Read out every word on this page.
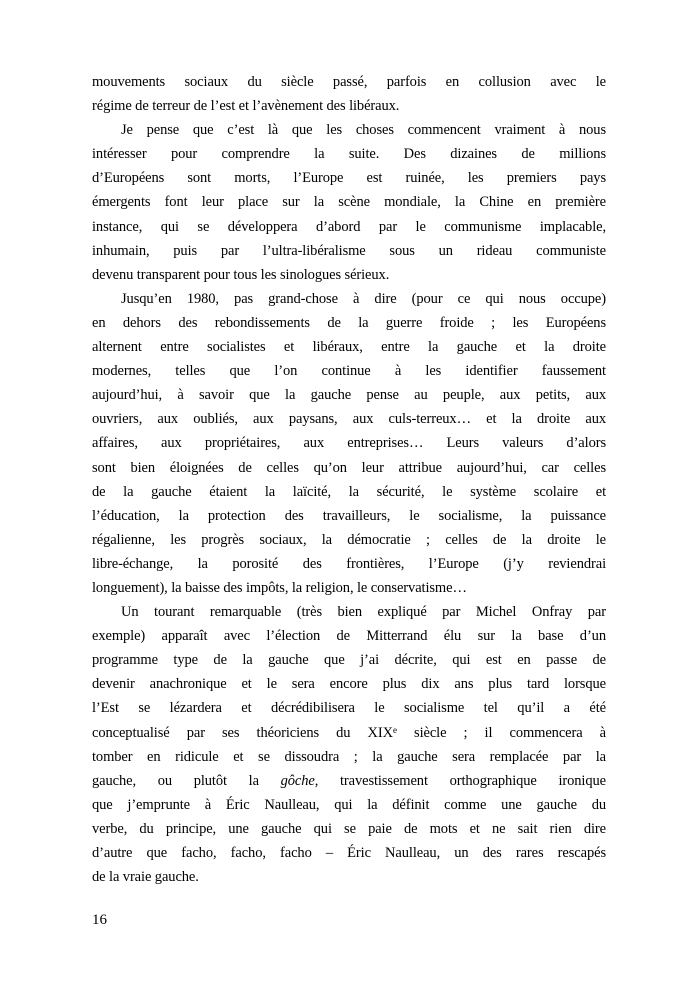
mouvements sociaux du siècle passé, parfois en collusion avec le
régime de terreur de l’est et l’avènement des libéraux.
Je pense que c’est là que les choses commencent vraiment à nous
intéresser pour comprendre la suite. Des dizaines de millions
d’Européens sont morts, l’Europe est ruinée, les premiers pays
émergents font leur place sur la scène mondiale, la Chine en première
instance, qui se développera d’abord par le communisme implacable,
inhumain, puis par l’ultra-libéralisme sous un rideau communiste
devenu transparent pour tous les sinologues sérieux.
Jusqu’en 1980, pas grand-chose à dire (pour ce qui nous occupe)
en dehors des rebondissements de la guerre froide ; les Européens
alternent entre socialistes et libéraux, entre la gauche et la droite
modernes, telles que l’on continue à les identifier faussement
aujourd’hui, à savoir que la gauche pense au peuple, aux petits, aux
ouvriers, aux oubliés, aux paysans, aux culs-terreux… et la droite aux
affaires, aux propriétaires, aux entreprises… Leurs valeurs d’alors
sont bien éloignées de celles qu’on leur attribue aujourd’hui, car celles
de la gauche étaient la laïcité, la sécurité, le système scolaire et
l’éducation, la protection des travailleurs, le socialisme, la puissance
régalienne, les progrès sociaux, la démocratie ; celles de la droite le
libre-échange, la porosité des frontières, l’Europe (j’y reviendrai
longuement), la baisse des impôts, la religion, le conservatisme…
Un tourant remarquable (très bien expliqué par Michel Onfray par
exemple) apparaît avec l’élection de Mitterrand élu sur la base d’un
programme type de la gauche que j’ai décrite, qui est en passe de
devenir anachronique et le sera encore plus dix ans plus tard lorsque
l’Est se lézardera et décrédibilisera le socialisme tel qu’il a été
conceptualisé par ses théoriciens du XIXe siècle ; il commencera à
tomber en ridicule et se dissoudra ; la gauche sera remplacée par la
gauche, ou plutôt la gôche, travestissement orthographique ironique
que j’emprunte à Éric Naulleau, qui la définit comme une gauche du
verbe, du principe, une gauche qui se paie de mots et ne sait rien dire
d’autre que facho, facho, facho – Éric Naulleau, un des rares rescapés
de la vraie gauche.
16
